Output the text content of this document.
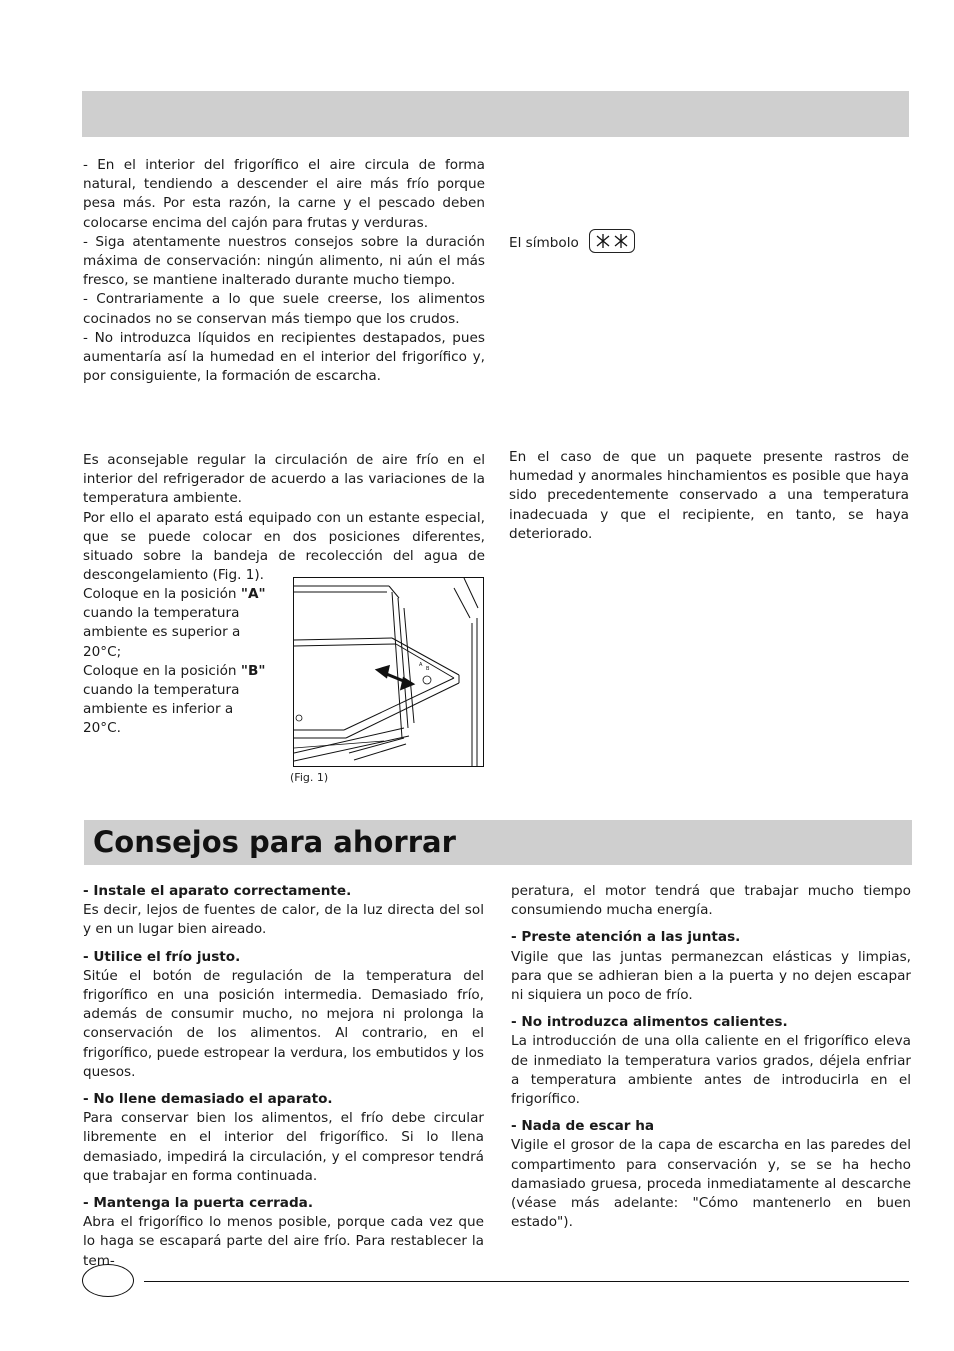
- En el interior del frigorífico el aire circula de forma natural, tendiendo a descender el aire más frío porque pesa más. Por esta razón, la carne y el pescado deben colocarse encima del cajón para frutas y verduras.

- Siga atentamente nuestros consejos sobre la duración máxima de conservación: ningún alimento, ni aún el más fresco, se mantiene inalterado durante mucho tiempo.

- Contrariamente a lo que suele creerse, los alimentos cocinados no se conservan más tiempo que los crudos.

- No introduzca líquidos en recipientes destapados, pues aumentaría así la humedad en el interior del frigorífico y, por consiguiente, la formación de escarcha.

El símbolo

Es aconsejable regular la circulación de aire frío en el interior del refrigerador de acuerdo a las variaciones de la temperatura ambiente.

Por ello el aparato está equipado con un estante especial, que se puede colocar en dos posiciones diferentes, situado sobre la bandeja de recolección del agua de descongelamiento (Fig. 1).

Coloque en la posición "A" cuando la temperatura ambiente es superior a 20°C;

Coloque en la posición "B" cuando la temperatura ambiente es inferior a 20°C.

A
B
(Fig. 1)

En el caso de que un paquete presente rastros de humedad y anormales hinchamientos es posible que haya sido precedentemente conservado a una temperatura inadecuada y que el recipiente, en tanto, se haya deteriorado.

Consejos para ahorrar
- Instale el aparato correctamente.

Es decir, lejos de fuentes de calor, de la luz directa del sol y en un lugar bien aireado.

- Utilice el frío justo.

Sitúe el botón de regulación de la temperatura del frigorífico en una posición intermedia. Demasiado frío, además de consumir mucho, no mejora ni prolonga la conservación de los alimentos. Al contrario, en el frigorífico, puede estropear la verdura, los embutidos y los quesos.

- No llene demasiado el aparato.

Para conservar bien los alimentos, el frío debe circular libremente en el interior del frigorífico. Si lo llena demasiado, impedirá la circulación, y el compresor tendrá que trabajar en forma continuada.

- Mantenga la puerta cerrada.

Abra el frigorífico lo menos posible, porque cada vez que lo haga se escapará parte del aire frío. Para restablecer la tem-

peratura, el motor tendrá que trabajar mucho tiempo consumiendo mucha energía.

- Preste atención a las juntas.

Vigile que las juntas permanezcan elásticas y limpias, para que se adhieran bien a la puerta y no dejen escapar ni siquiera un poco de frío.

- No introduzca alimentos calientes.

La introducción de una olla caliente en el frigorífico eleva de inmediato la temperatura varios grados, déjela enfriar a temperatura ambiente antes de introducirla en el frigorífico.

- Nada de escar ha

Vigile el grosor de la capa de escarcha en las paredes del compartimento para conservación y, se se ha hecho damasiado gruesa, proceda inmediatamente al descarche (véase más adelante: "Cómo mantenerlo en buen estado").
